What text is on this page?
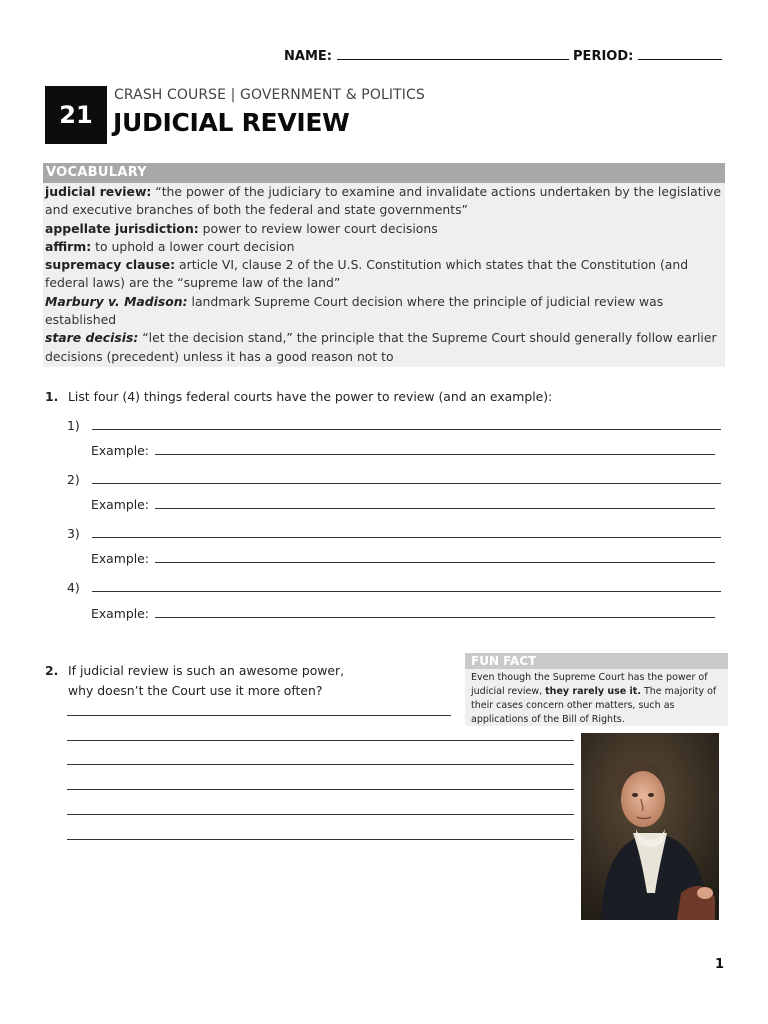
NAME:	PERIOD:
21
CRASH COURSE | GOVERNMENT & POLITICS
JUDICIAL REVIEW
VOCABULARY

judicial review: “the power of the judiciary to examine and invalidate actions undertaken by the legislative and executive branches of both the federal and state governments”

appellate jurisdiction: power to review lower court decisions

affirm: to uphold a lower court decision

supremacy clause: article VI, clause 2 of the U.S. Constitution which states that the Constitution (and federal laws) are the “supreme law of the land”

Marbury v. Madison: landmark Supreme Court decision where the principle of judicial review was established

stare decisis: “let the decision stand,” the principle that the Supreme Court should generally follow earlier decisions (precedent) unless it has a good reason not to

1. List four (4) things federal courts have the power to review (and an example):
1)
Example:
2)
Example:
3)
Example:
4)
Example:
2. If judicial review is such an awesome power,
why doesn’t the Court use it more often?
FUN FACT
Even though the Supreme Court has the power of judicial review, they rarely use it. The majority of their cases concern other matters, such as applications of the Bill of Rights.
1
